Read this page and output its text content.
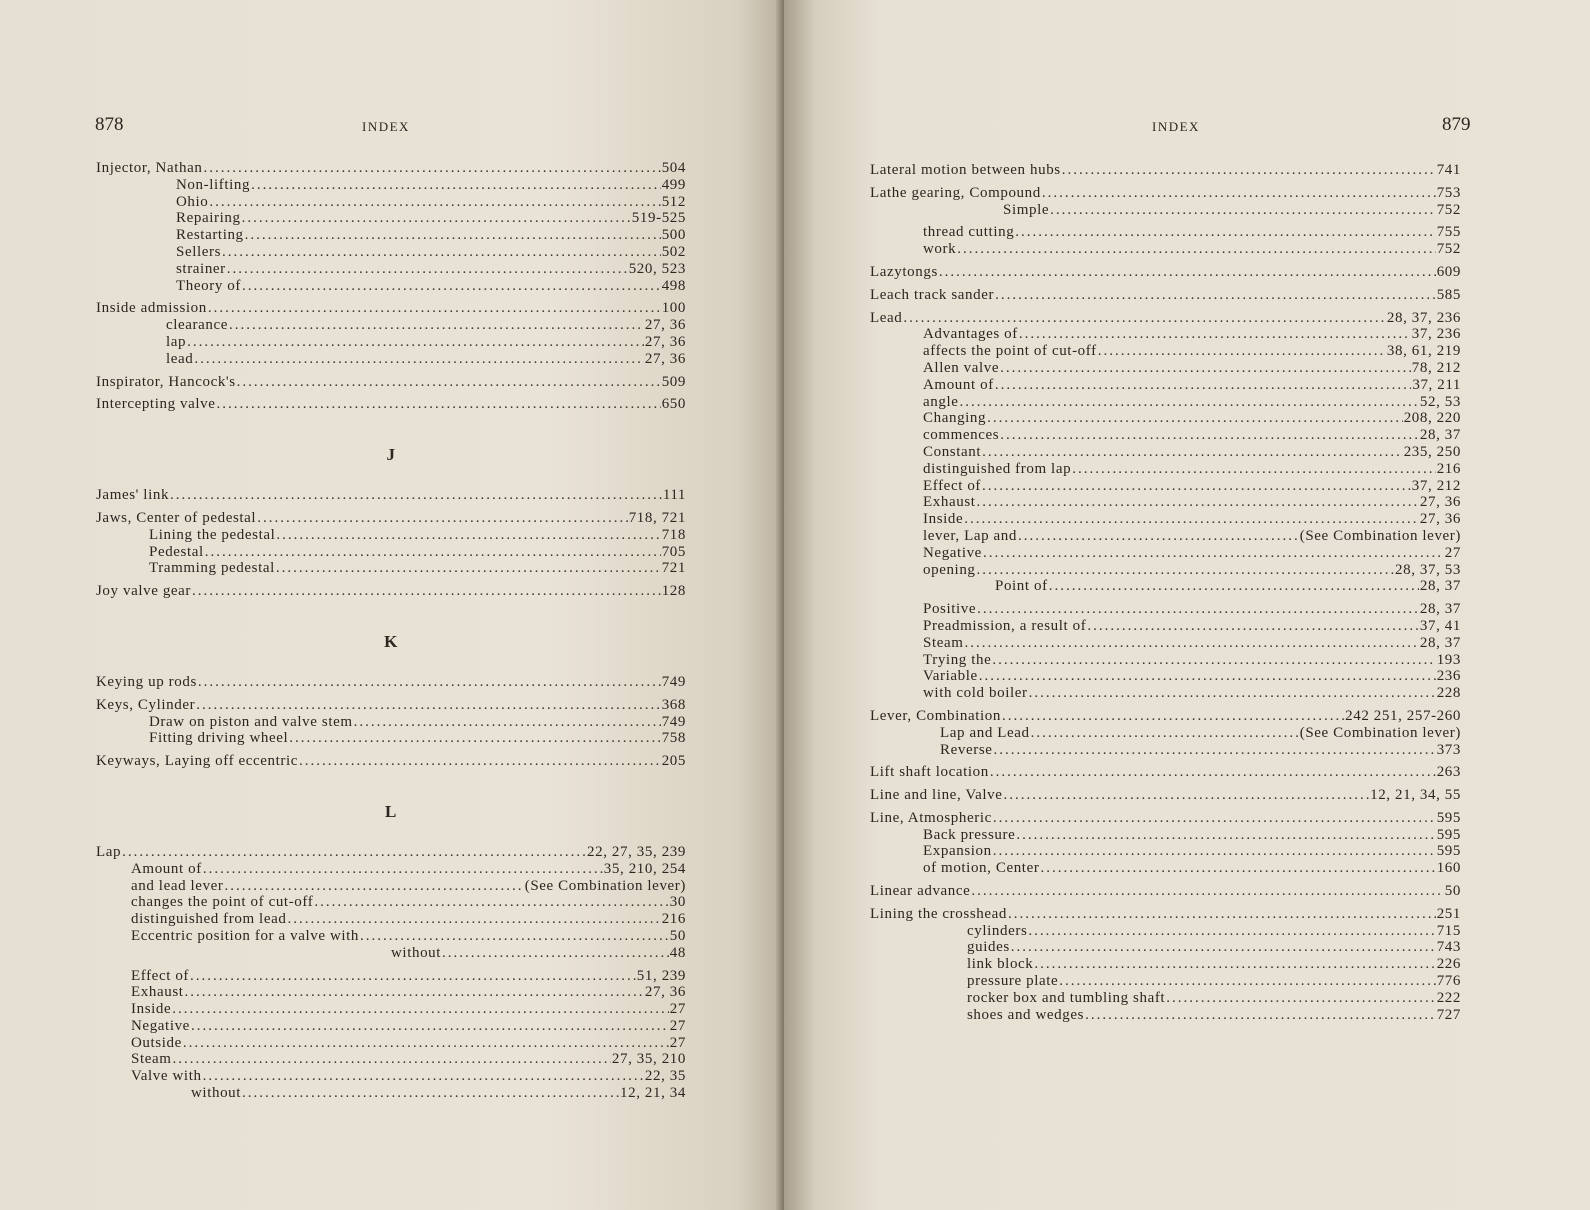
878	INDEX
Injector, Nathan .....	504
Non-lifting .....	499
Ohio .....	512
Repairing .....	519-525
Restarting .....	500
Sellers .....	502
strainer .....	520, 523
Theory of .....	498
Inside admission .....	100
clearance .....	27, 36
lap .....	27, 36
lead .....	27, 36
Inspirator, Hancock's .....	509
Intercepting valve .....	650
J
James' link .....	111
Jaws, Center of pedestal .....	718, 721
Lining the pedestal .....	718
Pedestal .....	705
Tramming pedestal .....	721
Joy valve gear .....	128
K
Keying up rods .....	749
Keys, Cylinder .....	368
Draw on piston and valve stem .....	749
Fitting driving wheel .....	758
Keyways, Laying off eccentric .....	205
L
Lap .....	22, 27, 35, 239
Amount of .....	35, 210, 254
and lead lever .....	(See Combination lever)
changes the point of cut-off .....	30
distinguished from lead .....	216
Eccentric position for a valve with .....	50
without .....	48
Effect of .....	51, 239
Exhaust .....	27, 36
Inside .....	27
Negative .....	27
Outside .....	27
Steam .....	27, 35, 210
Valve with .....	22, 35
without .....	12, 21, 34
INDEX	879
Lateral motion between hubs .....	741
Lathe gearing, Compound .....	753
Simple .....	752
thread cutting .....	755
work .....	752
Lazytongs .....	609
Leach track sander .....	585
Lead .....	28, 37, 236
Advantages of .....	37, 236
affects the point of cut-off .....	38, 61, 219
Allen valve .....	78, 212
Amount of .....	37, 211
angle .....	52, 53
Changing .....	208, 220
commences .....	28, 37
Constant .....	235, 250
distinguished from lap .....	216
Effect of .....	37, 212
Exhaust .....	27, 36
Inside .....	27, 36
lever, Lap and .....	(See Combination lever)
Negative .....	27
opening .....	28, 37, 53
Point of .....	28, 37
Positive .....	28, 37
Preadmission, a result of .....	37, 41
Steam .....	28, 37
Trying the .....	193
Variable .....	236
with cold boiler .....	228
Lever, Combination .....	242 251, 257-260
Lap and Lead .....	(See Combination lever)
Reverse .....	373
Lift shaft location .....	263
Line and line, Valve .....	12, 21, 34, 55
Line, Atmospheric .....	595
Back pressure .....	595
Expansion .....	595
of motion, Center .....	160
Linear advance .....	50
Lining the crosshead .....	251
cylinders .....	715
guides .....	743
link block .....	226
pressure plate .....	776
rocker box and tumbling shaft .....	222
shoes and wedges .....	727
